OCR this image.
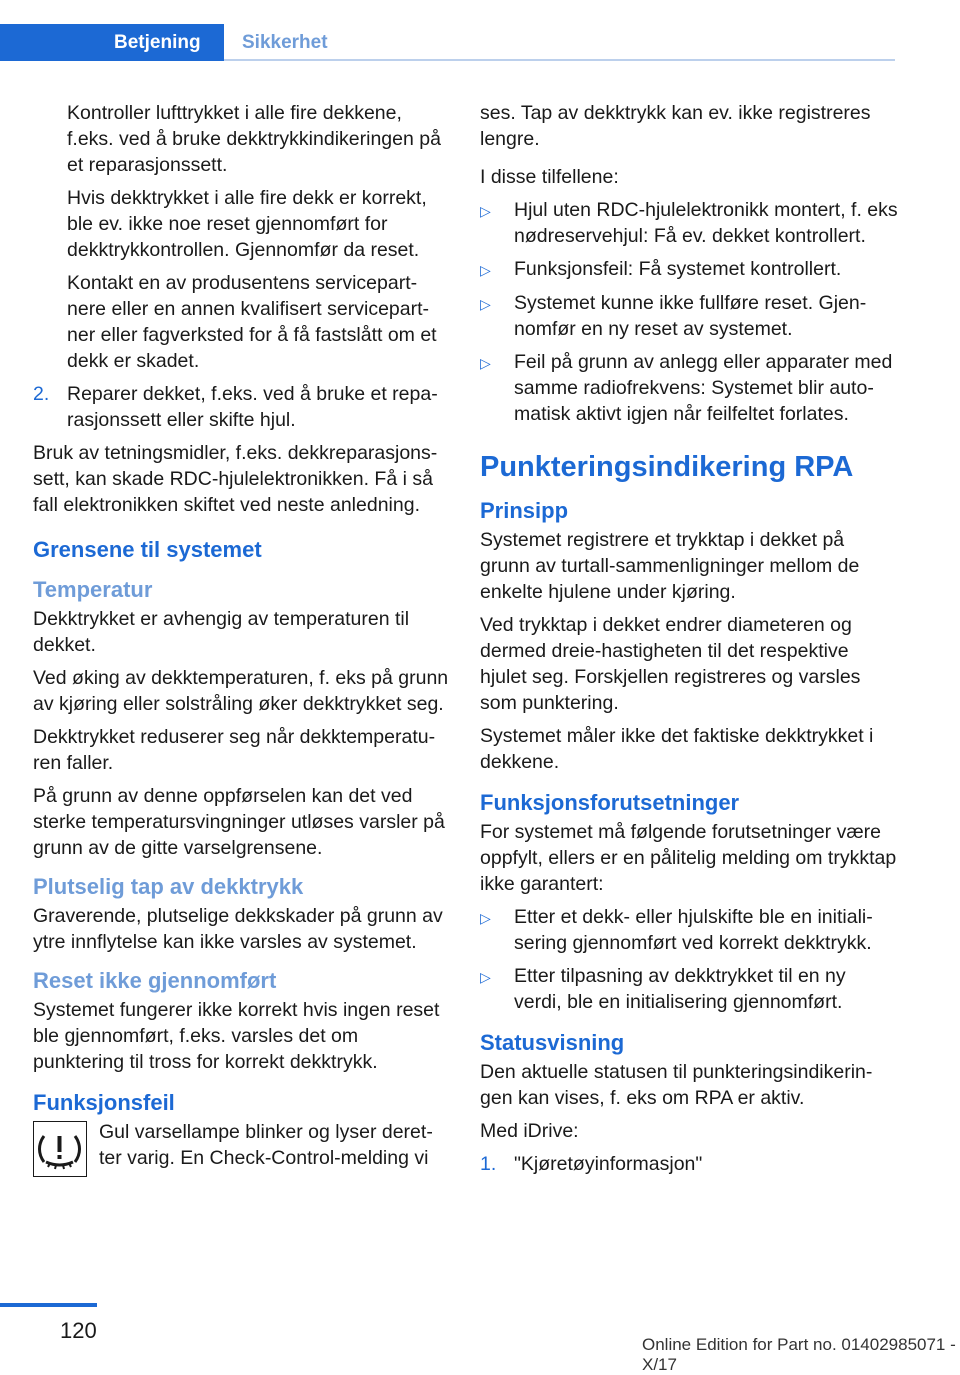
Betjening	Sikkerhet

Kontroller lufttrykket i alle fire dekkene, f.eks. ved å bruke dekktrykkindikeringen på et reparasjonssett.

Hvis dekktrykket i alle fire dekk er korrekt, ble ev. ikke noe reset gjennomført for dekktrykkontrollen. Gjennomfør da reset.

Kontakt en av produsentens servicepartnere eller en annen kvalifisert servicepartner eller fagverksted for å få fastslått om et dekk er skadet.

2. Reparer dekket, f.eks. ved å bruke et reparasjonssett eller skifte hjul.

Bruk av tetningsmidler, f.eks. dekkreparasjonssett, kan skade RDC-hjulelektronikken. Få i så fall elektronikken skiftet ved neste anledning.

Grensene til systemet
Temperatur

Dekktrykket er avhengig av temperaturen til dekket.

Ved øking av dekktemperaturen, f. eks på grunn av kjøring eller solstråling øker dekktrykket seg.

Dekktrykket reduserer seg når dekktemperaturen faller.

På grunn av denne oppførselen kan det ved sterke temperatursvingninger utløses varsler på grunn av de gitte varselgrensene.

Plutselig tap av dekktrykk

Graverende, plutselige dekkskader på grunn av ytre innflytelse kan ikke varsles av systemet.

Reset ikke gjennomført

Systemet fungerer ikke korrekt hvis ingen reset ble gjennomført, f.eks. varsles det om punktering til tross for korrekt dekktrykk.

Funksjonsfeil

Gul varsellampe blinker og lyser deretter varig. En Check-Control-melding vi

ses. Tap av dekktrykk kan ev. ikke registreres lengre.

I disse tilfellene:

▷	Hjul uten RDC-hjulelektronikk montert, f. eks nødreservehjul: Få ev. dekket kontrollert.
▷	Funksjonsfeil: Få systemet kontrollert.
▷	Systemet kunne ikke fullføre reset. Gjennomfør en ny reset av systemet.
▷	Feil på grunn av anlegg eller apparater med samme radiofrekvens: Systemet blir automatisk aktivt igjen når feilfeltet forlates.
Punkteringsindikering RPA
Prinsipp

Systemet registrere et trykktap i dekket på grunn av turtall-sammenligninger mellom de enkelte hjulene under kjøring.

Ved trykktap i dekket endrer diameteren og dermed dreie-hastigheten til det respektive hjulet seg. Forskjellen registreres og varsles som punktering.

Systemet måler ikke det faktiske dekktrykket i dekkene.

Funksjonsforutsetninger

For systemet må følgende forutsetninger være oppfylt, ellers er en pålitelig melding om trykktap ikke garantert:

▷	Etter et dekk- eller hjulskifte ble en initialisering gjennomført ved korrekt dekktrykk.
▷	Etter tilpasning av dekktrykket til en ny verdi, ble en initialisering gjennomført.
Statusvisning

Den aktuelle statusen til punkteringsindikeringen kan vises, f. eks om RPA er aktiv.

Med iDrive:

1. "Kjøretøyinformasjon"
120
Online Edition for Part no. 01402985071 - X/17
